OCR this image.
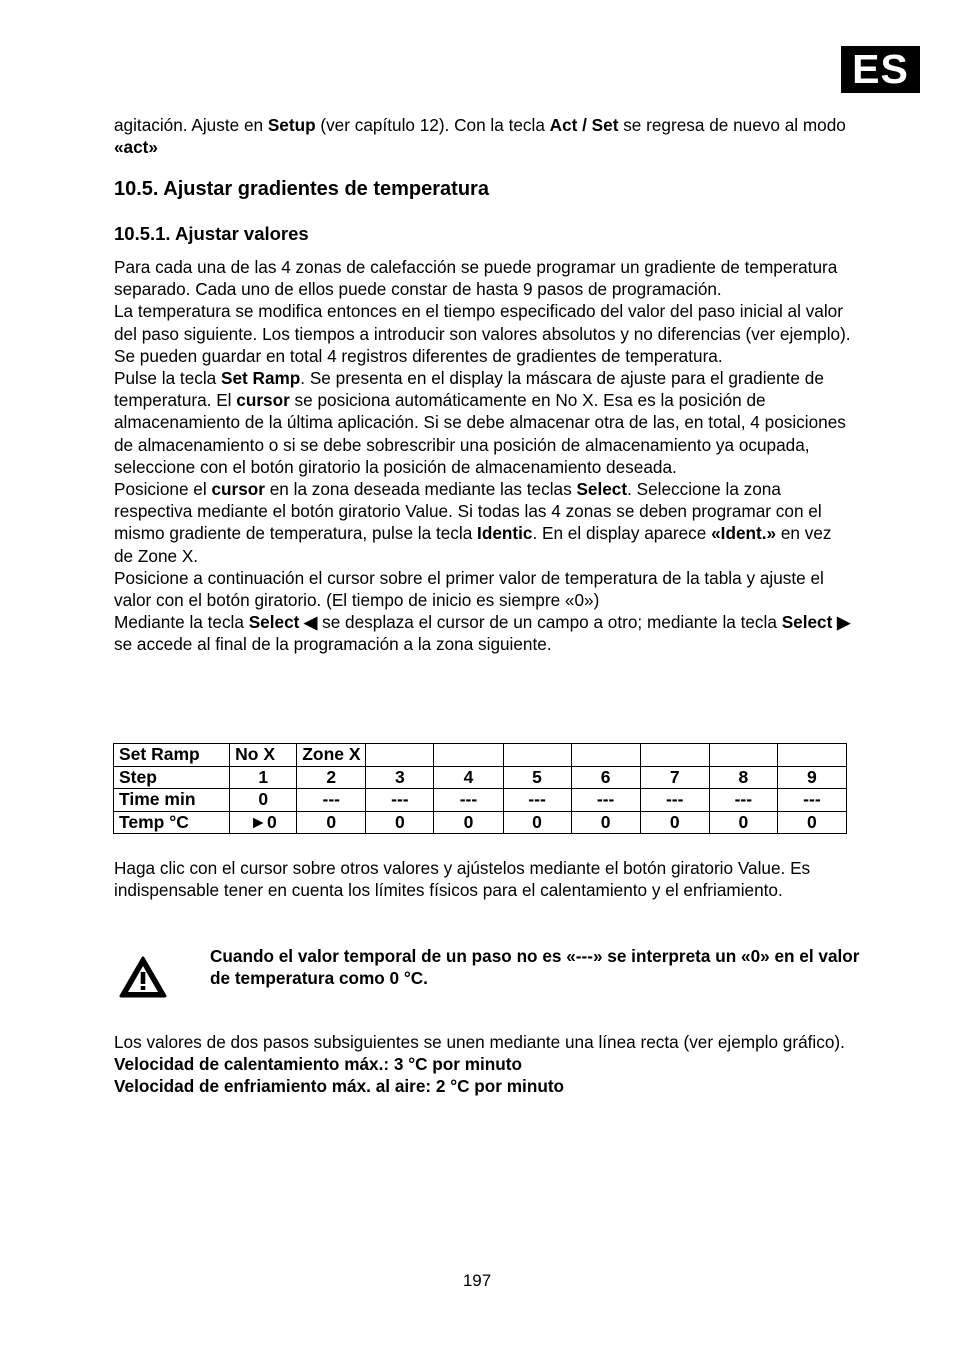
ES

agitación. Ajuste en Setup (ver capítulo 12). Con la tecla Act / Set se regresa de nuevo al modo «act»

10.5. Ajustar gradientes de temperatura
10.5.1. Ajustar valores

Para cada una de las 4 zonas de calefacción se puede programar un gradiente de temperatura separado. Cada uno de ellos puede constar de hasta 9 pasos de programación.
La temperatura se modifica entonces en el tiempo especificado del valor del paso inicial al valor del paso siguiente. Los tiempos a introducir son valores absolutos y no diferencias (ver ejemplo).
Se pueden guardar en total 4 registros diferentes de gradientes de temperatura.
Pulse la tecla Set Ramp. Se presenta en el display la máscara de ajuste para el gradiente de temperatura. El cursor se posiciona automáticamente en No X. Esa es la posición de almacenamiento de la última aplicación. Si se debe almacenar otra de las, en total, 4 posiciones de almacenamiento o si se debe sobrescribir una posición de almacenamiento ya ocupada, seleccione con el botón giratorio la posición de almacenamiento deseada.
Posicione el cursor en la zona deseada mediante las teclas Select. Seleccione la zona respectiva mediante el botón giratorio Value. Si todas las 4 zonas se deben programar con el mismo gradiente de temperatura, pulse la tecla Identic. En el display aparece «Ident.» en vez de Zone X.
Posicione a continuación el cursor sobre el primer valor de temperatura de la tabla y ajuste el valor con el botón giratorio. (El tiempo de inicio es siempre «0»)
Mediante la tecla Select ◀ se desplaza el cursor de un campo a otro; mediante la tecla Select ▶ se accede al final de la programación a la zona siguiente.

Set Ramp	No X	Zone X							
Step	1	2	3	4	5	6	7	8	9
Time min	0	---	---	---	---	---	---	---	---
Temp °C	►0	0	0	0	0	0	0	0	0

Haga clic con el cursor sobre otros valores y ajústelos mediante el botón giratorio Value. Es indispensable tener en cuenta los límites físicos para el calentamiento y el enfriamiento.

Cuando el valor temporal de un paso no es «---» se interpreta un «0» en el valor de temperatura como 0 °C.

Los valores de dos pasos subsiguientes se unen mediante una línea recta (ver ejemplo gráfico).
Velocidad de calentamiento máx.: 3 °C por minuto
Velocidad de enfriamiento máx. al aire: 2 °C por minuto

197
